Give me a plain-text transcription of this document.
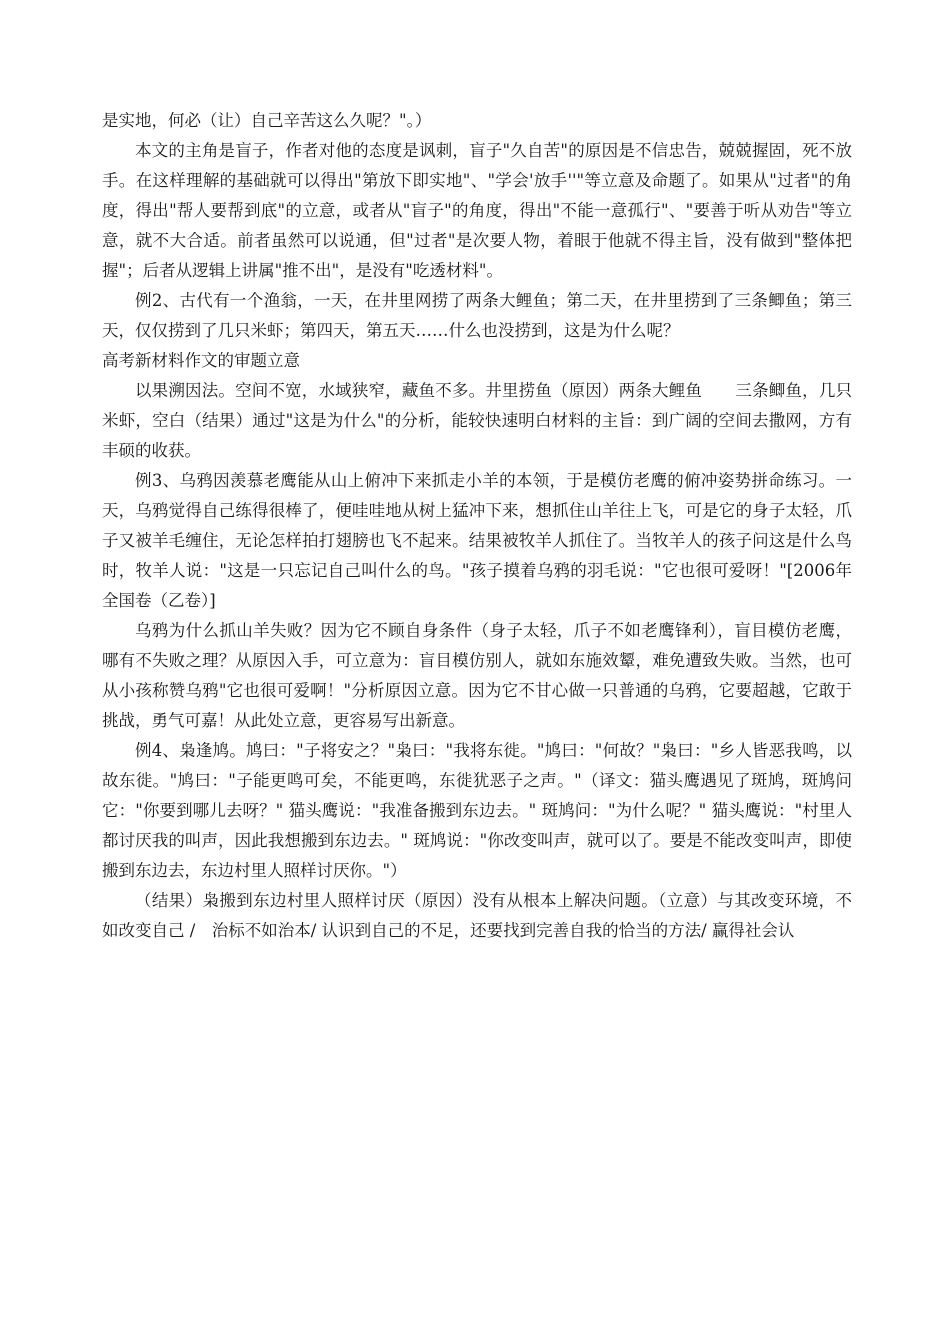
是实地，何必（让）自己辛苦这么久呢？"。）

本文的主角是盲子，作者对他的态度是讽刺，盲子"久自苦"的原因是不信忠告，兢兢握固，死不放手。在这样理解的基础就可以得出"第放下即实地"、"学会'放手''"等立意及命题了。如果从"过者"的角度，得出"帮人要帮到底"的立意，或者从"盲子"的角度，得出"不能一意孤行"、"要善于听从劝告"等立意，就不大合适。前者虽然可以说通，但"过者"是次要人物，着眼于他就不得主旨，没有做到"整体把握"；后者从逻辑上讲属"推不出"，是没有"吃透材料"。

例2、古代有一个渔翁，一天，在井里网捞了两条大鲤鱼；第二天，在井里捞到了三条鲫鱼；第三天，仅仅捞到了几只米虾；第四天，第五天……什么也没捞到，这是为什么呢？

高考新材料作文的审题立意

以果溯因法。空间不宽，水域狭窄，藏鱼不多。井里捞鱼（原因）两条大鲤鱼　　三条鲫鱼，几只米虾，空白（结果）通过"这是为什么"的分析，能较快速明白材料的主旨：到广阔的空间去撒网，方有丰硕的收获。

例3、乌鸦因羡慕老鹰能从山上俯冲下来抓走小羊的本领，于是模仿老鹰的俯冲姿势拼命练习。一天，乌鸦觉得自己练得很棒了，便哇哇地从树上猛冲下来，想抓住山羊往上飞，可是它的身子太轻，爪子又被羊毛缠住，无论怎样拍打翅膀也飞不起来。结果被牧羊人抓住了。当牧羊人的孩子问这是什么鸟时，牧羊人说："这是一只忘记自己叫什么的鸟。"孩子摸着乌鸦的羽毛说："它也很可爱呀！"[2006年全国卷（乙卷）]

乌鸦为什么抓山羊失败？因为它不顾自身条件（身子太轻，爪子不如老鹰锋利），盲目模仿老鹰，哪有不失败之理？从原因入手，可立意为：盲目模仿别人，就如东施效颦，难免遭致失败。当然，也可从小孩称赞乌鸦"它也很可爱啊！"分析原因立意。因为它不甘心做一只普通的乌鸦，它要超越，它敢于挑战，勇气可嘉！从此处立意，更容易写出新意。

例4、枭逢鸠。鸠曰："子将安之？"枭曰："我将东徙。"鸠曰："何故？"枭曰："乡人皆恶我鸣，以故东徙。"鸠曰："子能更鸣可矣，不能更鸣，东徙犹恶子之声。"（译文：猫头鹰遇见了斑鸠，斑鸠问它："你要到哪儿去呀？" 猫头鹰说："我准备搬到东边去。" 斑鸠问："为什么呢？" 猫头鹰说："村里人都讨厌我的叫声，因此我想搬到东边去。" 斑鸠说："你改变叫声，就可以了。要是不能改变叫声，即使搬到东边去，东边村里人照样讨厌你。"）

（结果）枭搬到东边村里人照样讨厌（原因）没有从根本上解决问题。（立意）与其改变环境，不如改变自己 /　治标不如治本/ 认识到自己的不足，还要找到完善自我的恰当的方法/ 赢得社会认
